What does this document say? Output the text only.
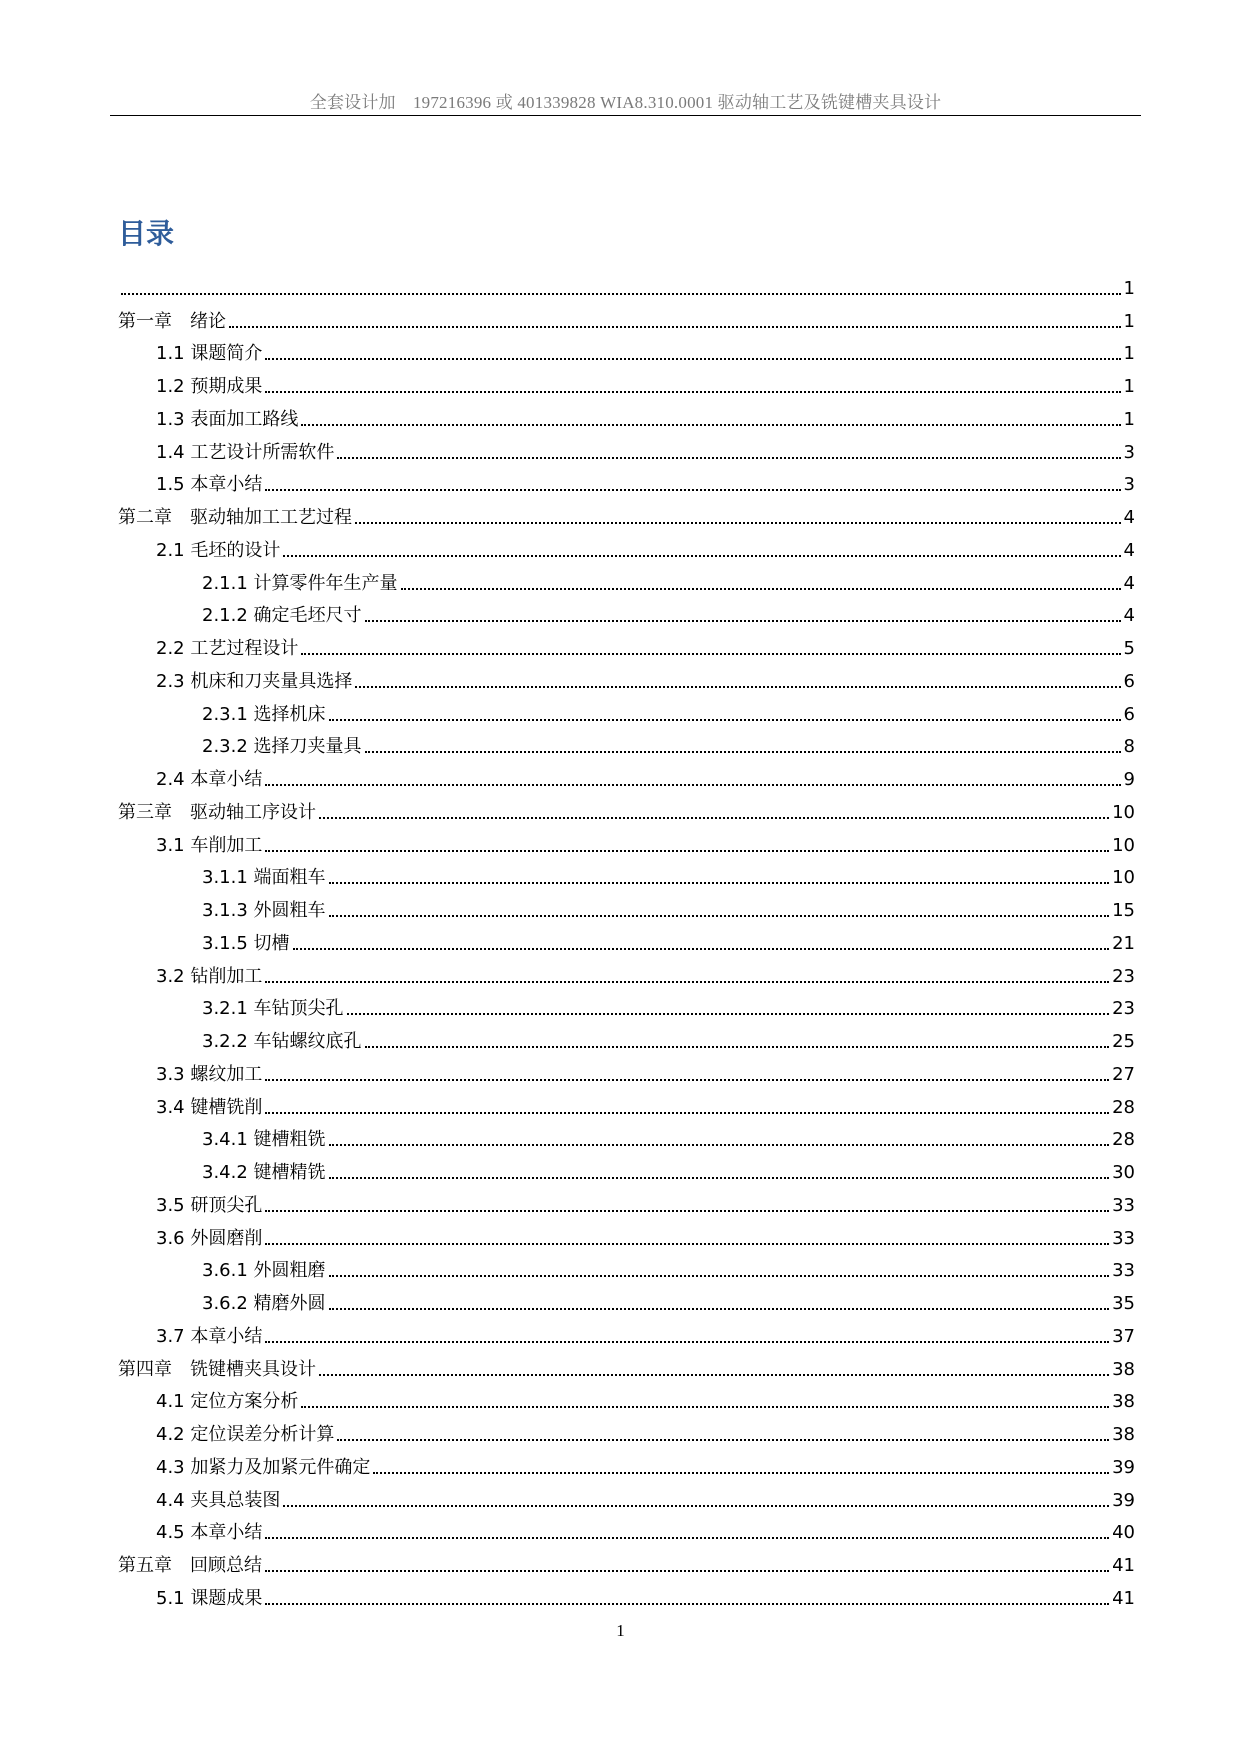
全套设计加　197216396 或 401339828 WIA8.310.0001 驱动轴工艺及铣键槽夹具设计
目录
1
第一章　绪论	1
1.1 课题简介	1
1.2 预期成果	1
1.3 表面加工路线	1
1.4 工艺设计所需软件	3
1.5 本章小结	3
第二章　驱动轴加工工艺过程	4
2.1 毛坯的设计	4
2.1.1 计算零件年生产量	4
2.1.2 确定毛坯尺寸	4
2.2 工艺过程设计	5
2.3 机床和刀夹量具选择	6
2.3.1 选择机床	6
2.3.2 选择刀夹量具	8
2.4 本章小结	9
第三章　驱动轴工序设计	10
3.1 车削加工	10
3.1.1 端面粗车	10
3.1.3 外圆粗车	15
3.1.5 切槽	21
3.2 钻削加工	23
3.2.1 车钻顶尖孔	23
3.2.2 车钻螺纹底孔	25
3.3 螺纹加工	27
3.4 键槽铣削	28
3.4.1 键槽粗铣	28
3.4.2 键槽精铣	30
3.5 研顶尖孔	33
3.6 外圆磨削	33
3.6.1 外圆粗磨	33
3.6.2 精磨外圆	35
3.7 本章小结	37
第四章　铣键槽夹具设计	38
4.1 定位方案分析	38
4.2 定位误差分析计算	38
4.3 加紧力及加紧元件确定	39
4.4 夹具总装图	39
4.5 本章小结	40
第五章　回顾总结	41
5.1 课题成果	41
1
